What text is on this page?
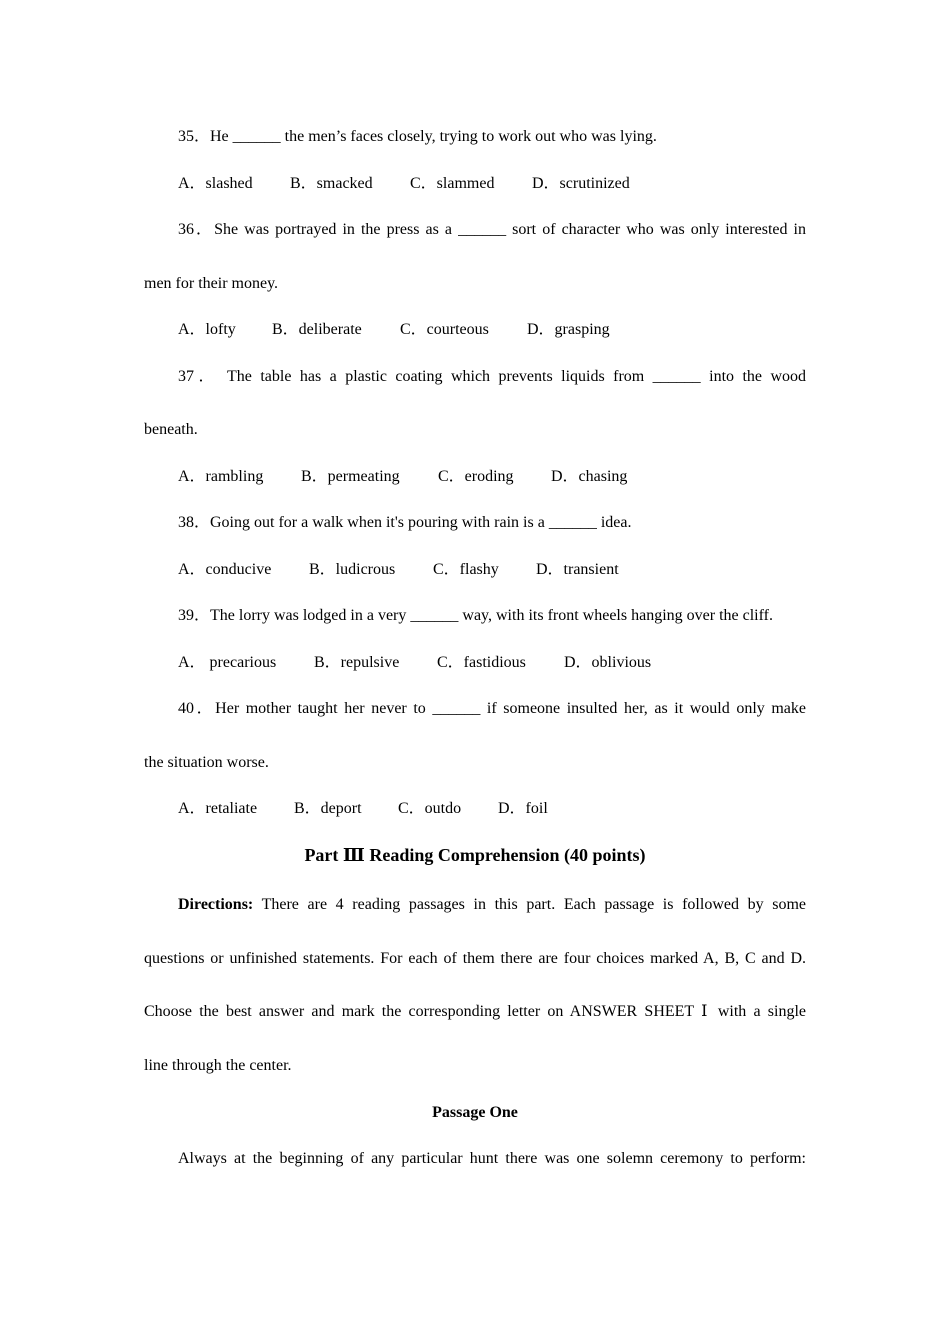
35．He ______ the men’s faces closely, trying to work out who was lying.
A．slashed	B．smacked	C．slammed	D．scrutinized
36．She was portrayed in the press as a ______ sort of character who was only interested in
men for their money.
A．lofty	B．deliberate	C．courteous	D．grasping
37． The table has a plastic coating which prevents liquids from ______ into the wood
beneath.
A．rambling	B．permeating	C．eroding	D．chasing
38．Going out for a walk when it's pouring with rain is a ______ idea.
A．conducive	B．ludicrous	C．flashy	D．transient
39．The lorry was lodged in a very ______ way, with its front wheels hanging over the cliff.
A． precarious	B．repulsive	C．fastidious	D．oblivious
40．Her mother taught her never to ______ if someone insulted her, as it would only make
the situation worse.
A．retaliate	B．deport	C．outdo	D．foil
Part Ⅲ Reading Comprehension (40 points)
Directions: There are 4 reading passages in this part. Each passage is followed by some
questions or unfinished statements. For each of them there are four choices marked A, B, C and D.
Choose the best answer and mark the corresponding letter on ANSWER SHEET Ⅰ with a single
line through the center.
Passage One
Always at the beginning of any particular hunt there was one solemn ceremony to perform:
